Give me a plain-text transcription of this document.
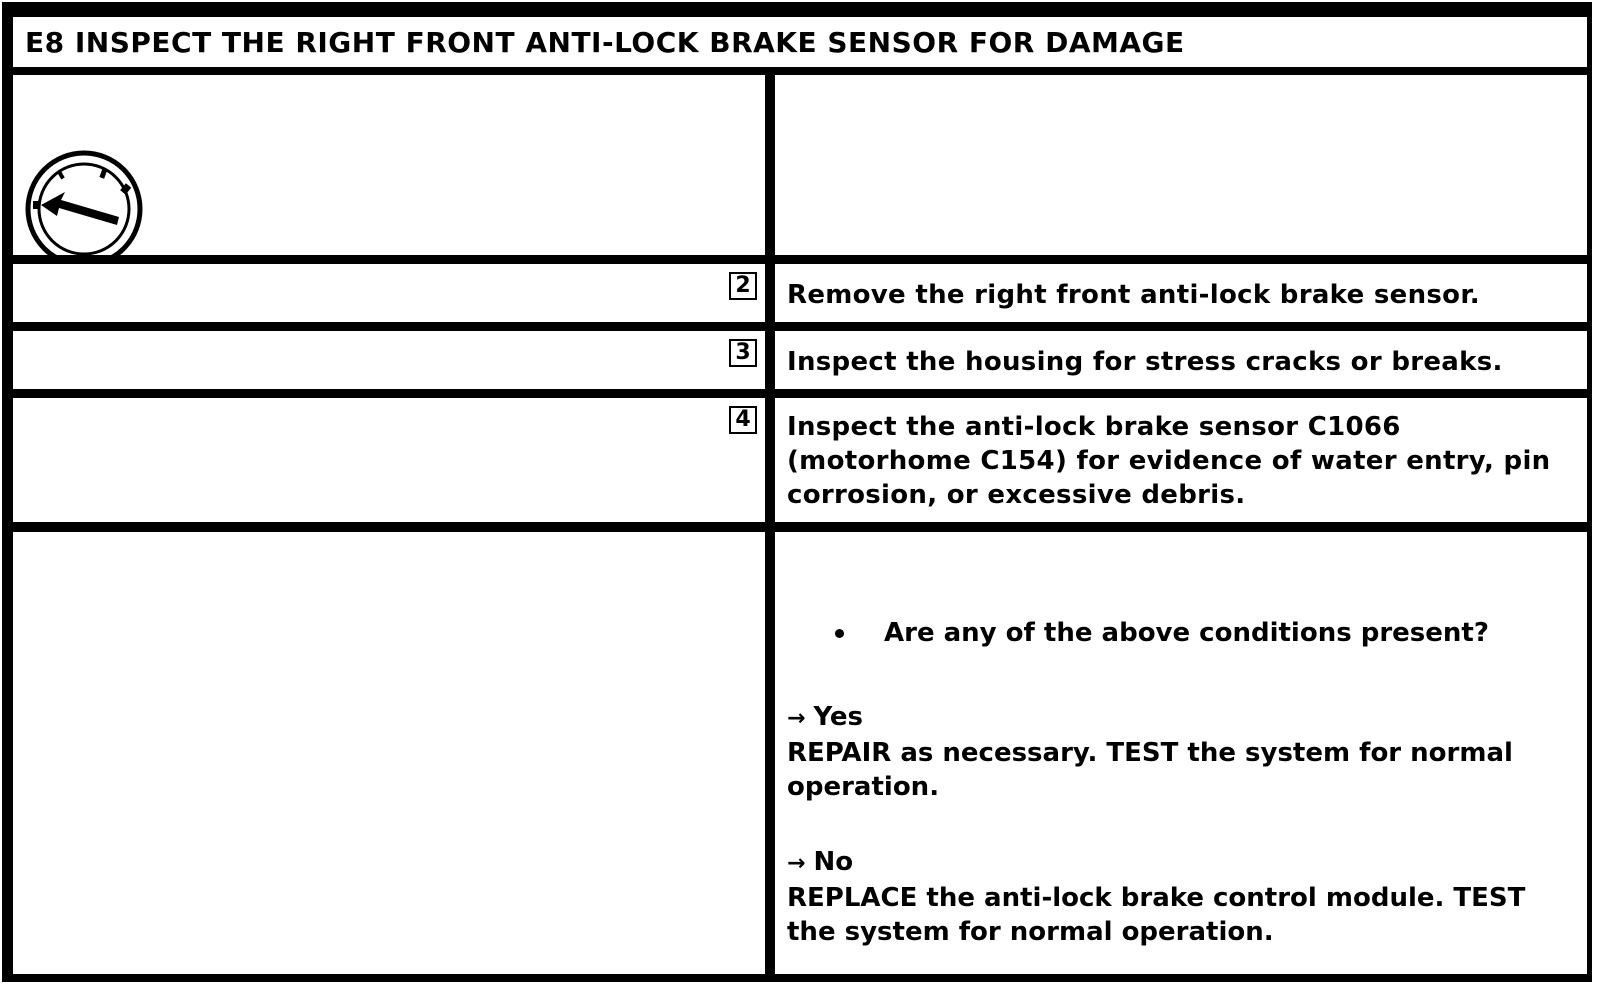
E8 INSPECT THE RIGHT FRONT ANTI-LOCK BRAKE SENSOR FOR DAMAGE
2 Remove the right front anti-lock brake sensor.
3 Inspect the housing for stress cracks or breaks.
4 Inspect the anti-lock brake sensor C1066 (motorhome C154) for evidence of water entry, pin corrosion, or excessive debris.
Are any of the above conditions present?
→ Yes
REPAIR as necessary. TEST the system for normal operation.
→ No
REPLACE the anti-lock brake control module. TEST the system for normal operation.
